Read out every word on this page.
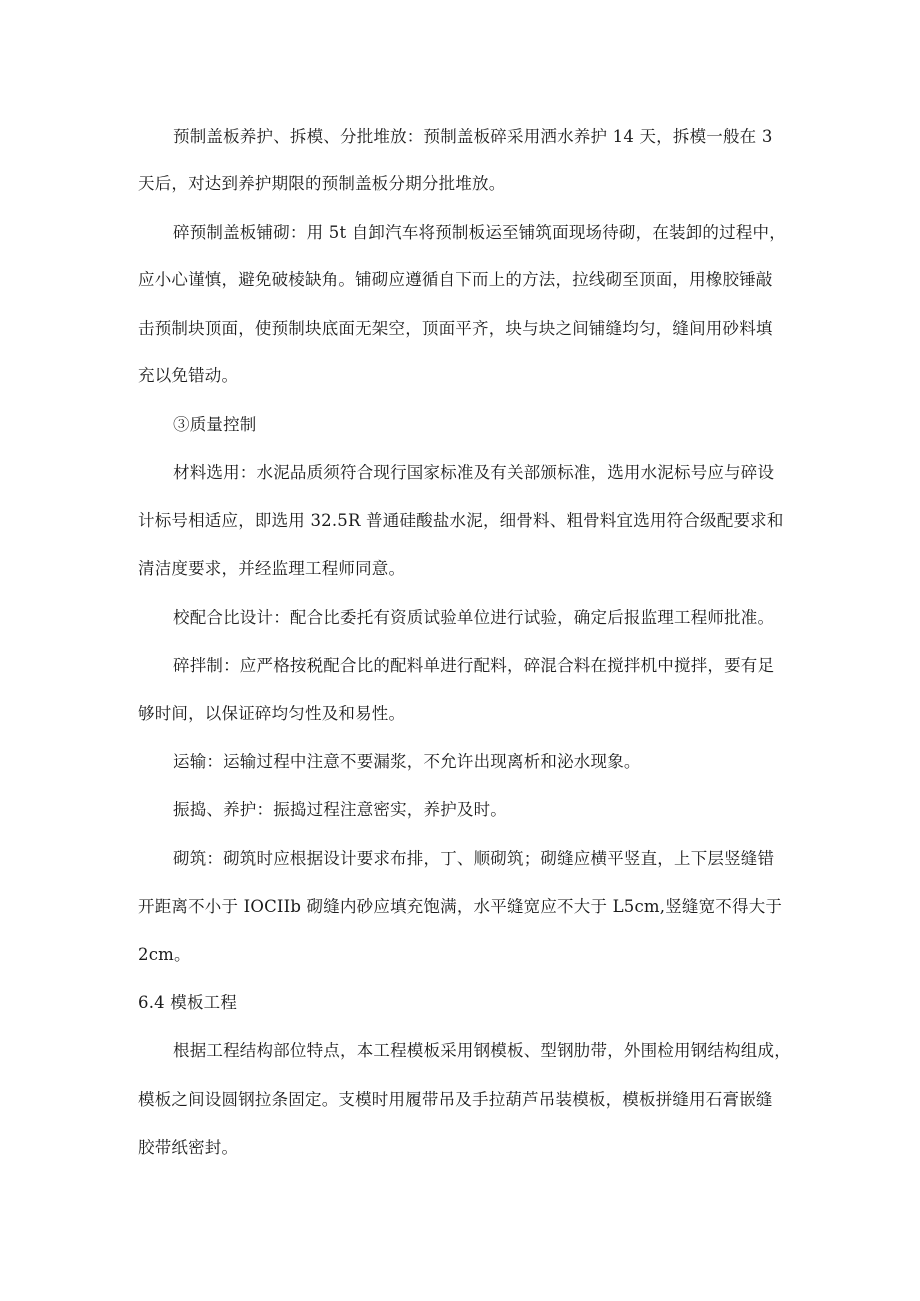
预制盖板养护、拆模、分批堆放：预制盖板碎采用洒水养护 14 天，拆模一般在 3
天后，对达到养护期限的预制盖板分期分批堆放。
碎预制盖板铺砌：用 5t 自卸汽车将预制板运至铺筑面现场待砌，在装卸的过程中，
应小心谨慎，避免破棱缺角。铺砌应遵循自下而上的方法，拉线砌至顶面，用橡胶锤敲
击预制块顶面，使预制块底面无架空，顶面平齐，块与块之间铺缝均匀，缝间用砂料填
充以免错动。
③质量控制
材料选用：水泥品质须符合现行国家标准及有关部颁标准，选用水泥标号应与碎设
计标号相适应，即选用 32.5R 普通硅酸盐水泥，细骨料、粗骨料宜选用符合级配要求和
清洁度要求，并经监理工程师同意。
校配合比设计：配合比委托有资质试验单位进行试验，确定后报监理工程师批准。
碎拌制：应严格按税配合比的配料单进行配料，碎混合料在搅拌机中搅拌，要有足
够时间，以保证碎均匀性及和易性。
运输：运输过程中注意不要漏浆，不允许出现离析和泌水现象。
振捣、养护：振捣过程注意密实，养护及时。
砌筑：砌筑时应根据设计要求布排，丁、顺砌筑；砌缝应横平竖直，上下层竖缝错
开距离不小于 IOCIIb 砌缝内砂应填充饱满，水平缝宽应不大于 L5cm,竖缝宽不得大于
2cm。
6.4 模板工程
根据工程结构部位特点，本工程模板采用钢模板、型钢肋带，外围检用钢结构组成，
模板之间设圆钢拉条固定。支模时用履带吊及手拉葫芦吊装模板，模板拼缝用石膏嵌缝
胶带纸密封。
